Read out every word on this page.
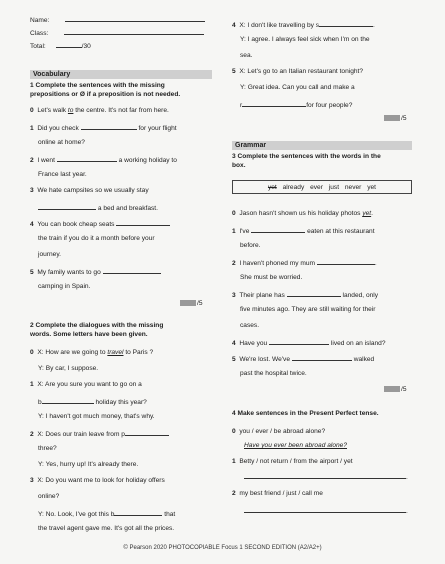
Name:
Class:
Total:	/30
Vocabulary
1 Complete the sentences with the missing
prepositions or Ø if a preposition is not needed.
0 Let's walk to the centre. It's not far from here.
1 Did you check	for your flight
online at home?
2 I went	a working holiday to
France last year.
3 We hate campsites so we usually stay
a bed and breakfast.
4 You can book cheap seats
the train if you do it a month before your
journey.
5 My family wants to go
camping in Spain.
/5
2 Complete the dialogues with the missing
words. Some letters have been given.
0 X: How are we going to travel to Paris ?
Y: By car, I suppose.
1 X: Are you sure you want to go on a
b	holiday this year?
Y: I haven't got much money, that's why.
2 X: Does our train leave from p
three?
Y: Yes, hurry up! It's already there.
3 X: Do you want me to look for holiday offers
online?
Y: No. Look, I've got this b	that
the travel agent gave me. It's got all the prices.
4 X: I don't like travelling by s	.
Y: I agree. I always feel sick when I'm on the
sea.
5 X: Let's go to an Italian restaurant tonight?
Y: Great idea. Can you call and make a
r	for four people?
/5
Grammar
3 Complete the sentences with the words in the
box.
yet already ever just never yet
0 Jason hasn't shown us his holiday photos yet.
1 I've	eaten at this restaurant
before.
2 I haven't phoned my mum	.
She must be worried.
3 Their plane has	landed, only
five minutes ago. They are still waiting for their
cases.
4 Have you	lived on an island?
5 We're lost. We've	walked
past the hospital twice.
/5
4 Make sentences in the Present Perfect tense.
0 you / ever / be abroad alone?
Have you ever been abroad alone?
1 Betty / not return / from the airport / yet
.
2 my best friend / just / call me
.
© Pearson 2020 PHOTOCOPIABLE Focus 1 SECOND EDITION (A2/A2+)
